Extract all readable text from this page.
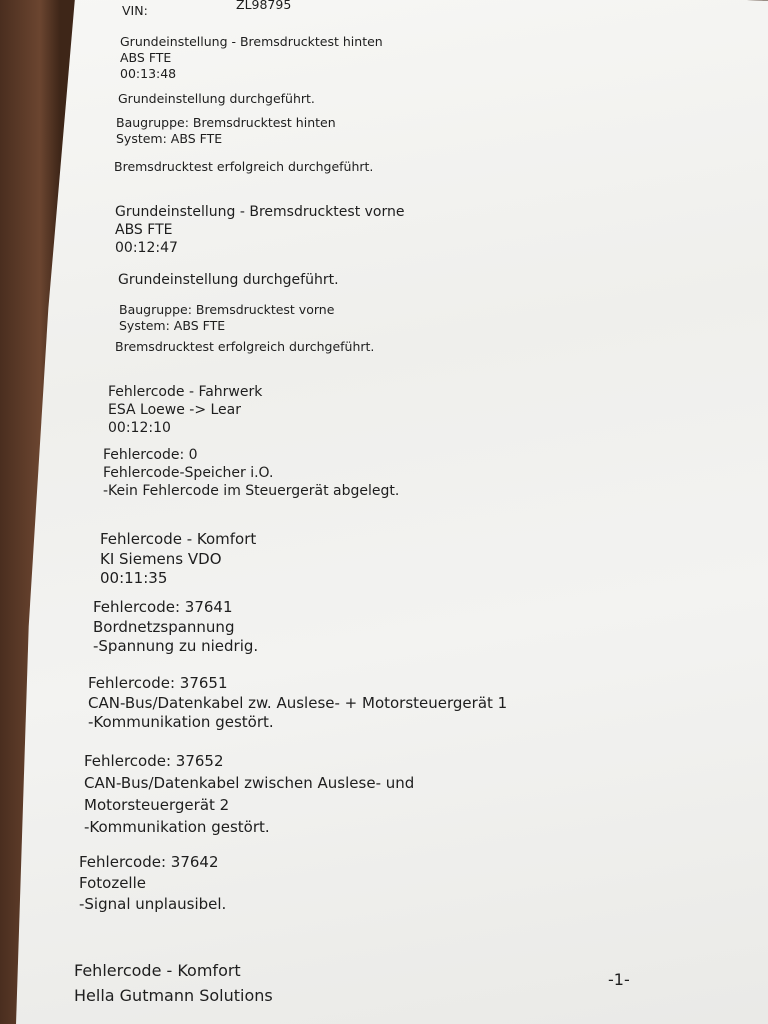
VIN:	ZL98795
Grundeinstellung - Bremsdrucktest hinten
ABS FTE
00:13:48
Grundeinstellung durchgeführt.
Baugruppe: Bremsdrucktest hinten
System: ABS FTE
Bremsdrucktest erfolgreich durchgeführt.
Grundeinstellung - Bremsdrucktest vorne
ABS FTE
00:12:47
Grundeinstellung durchgeführt.
Baugruppe: Bremsdrucktest vorne
System: ABS FTE
Bremsdrucktest erfolgreich durchgeführt.
Fehlercode - Fahrwerk
ESA Loewe -> Lear
00:12:10
Fehlercode: 0
Fehlercode-Speicher i.O.
-Kein Fehlercode im Steuergerät abgelegt.
Fehlercode - Komfort
KI Siemens VDO
00:11:35
Fehlercode: 37641
Bordnetzspannung
-Spannung zu niedrig.
Fehlercode: 37651
CAN-Bus/Datenkabel zw. Auslese- + Motorsteuergerät 1
-Kommunikation gestört.
Fehlercode: 37652
CAN-Bus/Datenkabel zwischen Auslese- und
Motorsteuergerät 2
-Kommunikation gestört.
Fehlercode: 37642
Fotozelle
-Signal unplausibel.
Fehlercode - Komfort
Hella Gutmann Solutions
-1-
